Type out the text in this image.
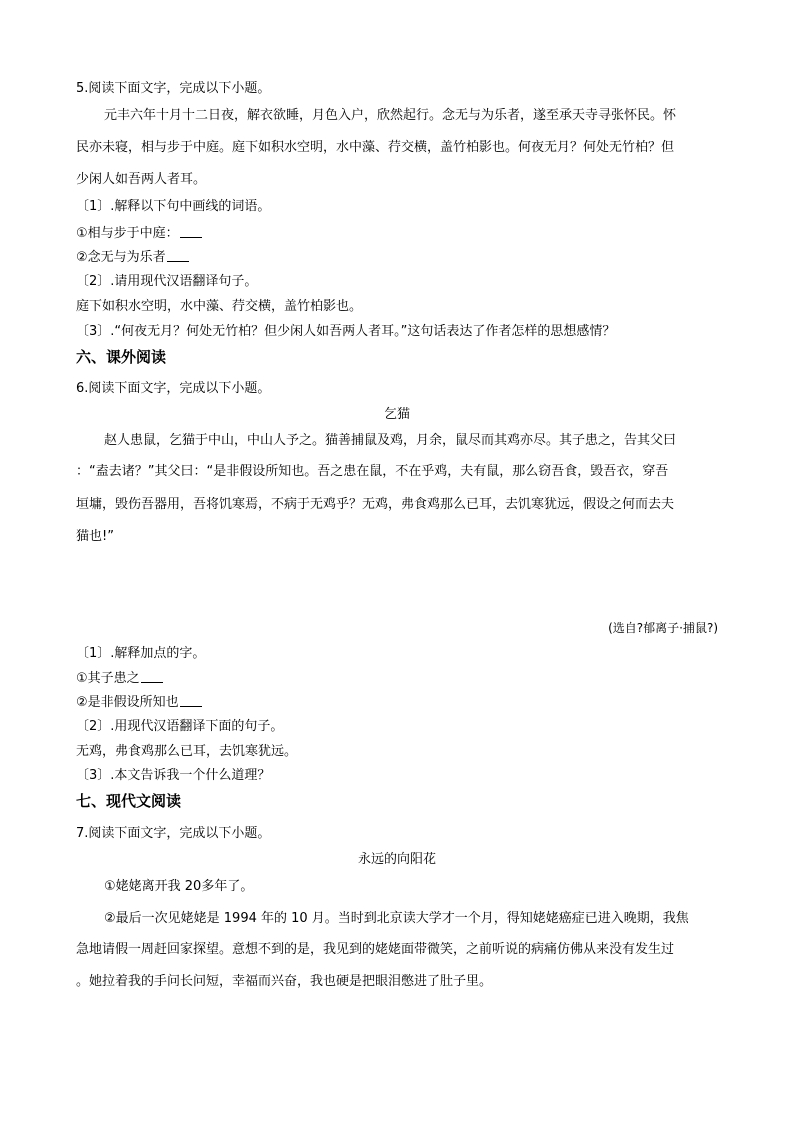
5.阅读下面文字，完成以下小题。
元丰六年十月十二日夜，解衣欲睡，月色入户，欣然起行。念无与为乐者，遂至承天寺寻张怀民。怀
民亦未寝，相与步于中庭。庭下如积水空明，水中藻、荇交横，盖竹柏影也。何夜无月？何处无竹柏？但
少闲人如吾两人者耳。
〔1〕.解释以下句中画线的词语。
①相与步于中庭：
②念无与为乐者
〔2〕.请用现代汉语翻译句子。
庭下如积水空明，水中藻、荇交横，盖竹柏影也。
〔3〕.“何夜无月？何处无竹柏？但少闲人如吾两人者耳。”这句话表达了作者怎样的思想感情？
六、课外阅读
6.阅读下面文字，完成以下小题。
乞猫
赵人患鼠，乞猫于中山，中山人予之。猫善捕鼠及鸡，月余，鼠尽而其鸡亦尽。其子患之，告其父曰
：“盍去诸？”其父曰：“是非假设所知也。吾之患在鼠，不在乎鸡，夫有鼠，那么窃吾食，毁吾衣，穿吾
垣墉，毁伤吾器用，吾将饥寒焉，不病于无鸡乎？无鸡，弗食鸡那么已耳，去饥寒犹远，假设之何而去夫
猫也!”
(选自?郁离子·捕鼠?)
〔1〕.解释加点的字。
①其子患之
②是非假设所知也
〔2〕.用现代汉语翻译下面的句子。
无鸡，弗食鸡那么已耳，去饥寒犹远。
〔3〕.本文告诉我一个什么道理？
七、现代文阅读
7.阅读下面文字，完成以下小题。
永远的向阳花
①姥姥离开我 20多年了。
②最后一次见姥姥是 1994 年的 10 月。当时到北京读大学才一个月，得知姥姥癌症已进入晚期，我焦
急地请假一周赶回家探望。意想不到的是，我见到的姥姥面带微笑，之前听说的病痛仿佛从来没有发生过
。她拉着我的手问长问短，幸福而兴奋，我也硬是把眼泪憋进了肚子里。
